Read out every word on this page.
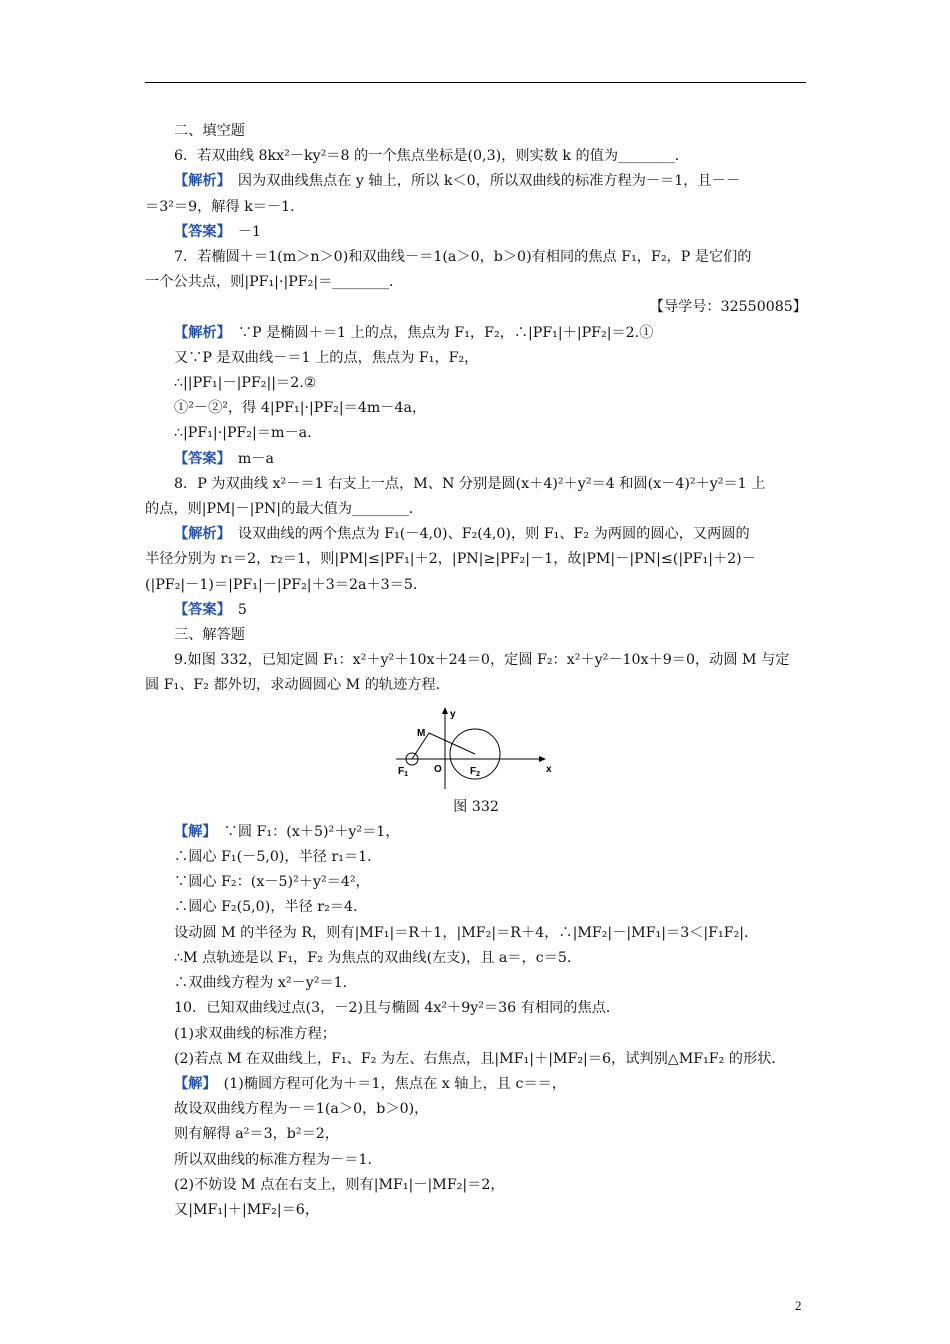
二、填空题
6．若双曲线 8kx²－ky²＝8 的一个焦点坐标是(0,3)，则实数 k 的值为________．
【解析】　因为双曲线焦点在 y 轴上，所以 k＜0，所以双曲线的标准方程为－＝1，且－－
＝3²＝9，解得 k＝－1.
【答案】　－1
7．若椭圆＋＝1(m＞n＞0)和双曲线－＝1(a＞0，b＞0)有相同的焦点 F₁，F₂，P 是它们的
一个公共点，则|PF₁|·|PF₂|＝________．
【导学号：32550085】
【解析】　∵P 是椭圆＋＝1 上的点，焦点为 F₁，F₂，∴|PF₁|＋|PF₂|＝2.①
又∵P 是双曲线－＝1 上的点，焦点为 F₁，F₂，
∴||PF₁|－|PF₂||＝2.②
①²－②²，得 4|PF₁|·|PF₂|＝4m－4a，
∴|PF₁|·|PF₂|＝m－a.
【答案】　m－a
8．P 为双曲线 x²－＝1 右支上一点，M、N 分别是圆(x＋4)²＋y²＝4 和圆(x－4)²＋y²＝1 上
的点，则|PM|－|PN|的最大值为________．
【解析】　设双曲线的两个焦点为 F₁(－4,0)、F₂(4,0)，则 F₁、F₂ 为两圆的圆心，又两圆的
半径分别为 r₁＝2，r₂＝1，则|PM|≤|PF₁|＋2，|PN|≥|PF₂|－1，故|PM|－|PN|≤(|PF₁|＋2)－
(|PF₂|－1)＝|PF₁|－|PF₂|＋3＝2a＋3＝5.
【答案】　5
三、解答题
9.如图 332，已知定圆 F₁：x²＋y²＋10x＋24＝0，定圆 F₂：x²＋y²－10x＋9＝0，动圆 M 与定
圆 F₁、F₂ 都外切，求动圆圆心 M 的轨迹方程．
y
x
M
O
$F_1$	$F_2$
图 332
【解】　∵圆 F₁：(x＋5)²＋y²＝1，
∴圆心 F₁(－5,0)，半径 r₁＝1.
∵圆心 F₂：(x－5)²＋y²＝4²，
∴圆心 F₂(5,0)，半径 r₂＝4.
设动圆 M 的半径为 R，则有|MF₁|＝R＋1，|MF₂|＝R＋4，∴|MF₂|－|MF₁|＝3＜|F₁F₂|.
∴M 点轨迹是以 F₁，F₂ 为焦点的双曲线(左支)，且 a＝，c＝5.
∴双曲线方程为 x²－y²＝1.
10．已知双曲线过点(3，－2)且与椭圆 4x²＋9y²＝36 有相同的焦点．
(1)求双曲线的标准方程；
(2)若点 M 在双曲线上，F₁、F₂ 为左、右焦点，且|MF₁|＋|MF₂|＝6，试判别△MF₁F₂ 的形状．
【解】　(1)椭圆方程可化为＋＝1，焦点在 x 轴上，且 c＝＝，
故设双曲线方程为－＝1(a＞0，b＞0)，
则有解得 a²＝3，b²＝2，
所以双曲线的标准方程为－＝1.
(2)不妨设 M 点在右支上，则有|MF₁|－|MF₂|＝2，
又|MF₁|＋|MF₂|＝6，
2
